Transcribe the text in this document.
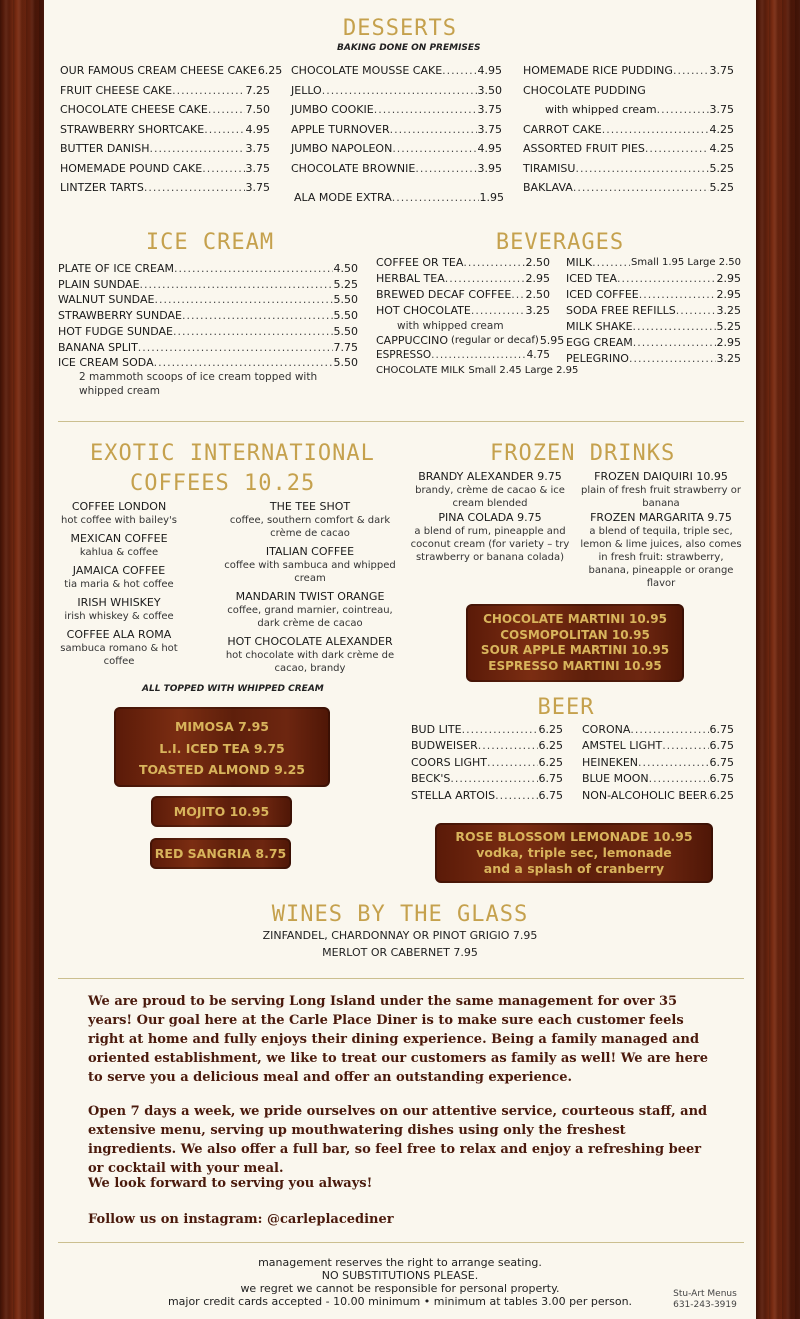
DESSERTS
BAKING DONE ON PREMISES
OUR FAMOUS CREAM CHEESE CAKE 6.25
FRUIT CHEESE CAKE .....	7.25
CHOCOLATE CHEESE CAKE .....	7.50
STRAWBERRY SHORTCAKE .....	4.95
BUTTER DANISH .....	3.75
HOMEMADE POUND CAKE .....	3.75
LINTZER TARTS .....	3.75
CHOCOLATE MOUSSE CAKE .....	4.95
JELLO .....	3.50
JUMBO COOKIE .....	3.75
APPLE TURNOVER .....	3.75
JUMBO NAPOLEON .....	4.95
CHOCOLATE BROWNIE .....	3.95
HOMEMADE RICE PUDDING .....	3.75
CHOCOLATE PUDDING
with whipped cream .....	3.75
CARROT CAKE .....	4.25
ASSORTED FRUIT PIES .....	4.25
TIRAMISU .....	5.25
BAKLAVA .....	5.25
ALA MODE EXTRA .....	1.95
ICE CREAM
PLATE OF ICE CREAM .....	4.50
PLAIN SUNDAE .....	5.25
WALNUT SUNDAE .....	5.50
STRAWBERRY SUNDAE .....	5.50
HOT FUDGE SUNDAE .....	5.50
BANANA SPLIT .....	7.75
ICE CREAM SODA .....	5.50
2 mammoth scoops of ice cream topped with whipped cream
BEVERAGES
COFFEE OR TEA .....	2.50
HERBAL TEA .....	2.95
BREWED DECAF COFFEE ..... 2.50
HOT CHOCOLATE .....	3.25
with whipped cream
CAPPUCCINO (regular or decaf) 5.95
ESPRESSO .....	4.75
CHOCOLATE MILK Small 2.45 Large 2.95
MILK .....	Small 1.95 Large 2.50
ICED TEA .....	2.95
ICED COFFEE .....	2.95
SODA FREE REFILLS .....	3.25
MILK SHAKE .....	5.25
EGG CREAM .....	2.95
PELEGRINO .....	3.25
EXOTIC INTERNATIONAL
COFFEES 10.25
COFFEE LONDON
hot coffee with bailey's
MEXICAN COFFEE
kahlua & coffee
JAMAICA COFFEE
tia maria & hot coffee
IRISH WHISKEY
irish whiskey & coffee
COFFEE ALA ROMA
sambuca romano & hot coffee
THE TEE SHOT
coffee, southern comfort & dark crème de cacao
ITALIAN COFFEE
coffee with sambuca and whipped cream
MANDARIN TWIST ORANGE
coffee, grand marnier, cointreau, dark crème de cacao
HOT CHOCOLATE ALEXANDER
hot chocolate with dark crème de cacao, brandy
ALL TOPPED WITH WHIPPED CREAM
FROZEN DRINKS
BRANDY ALEXANDER 9.75
brandy, crème de cacao & ice cream blended
PINA COLADA 9.75
a blend of rum, pineapple and coconut cream (for variety – try strawberry or banana colada)
FROZEN DAIQUIRI 10.95
plain of fresh fruit strawberry or banana
FROZEN MARGARITA 9.75
a blend of tequila, triple sec, lemon & lime juices, also comes in fresh fruit: strawberry, banana, pineapple or orange flavor
CHOCOLATE MARTINI 10.95
COSMOPOLITAN 10.95
SOUR APPLE MARTINI 10.95
ESPRESSO MARTINI 10.95
MIMOSA 7.95
L.I. ICED TEA 9.75
TOASTED ALMOND 9.25
MOJITO 10.95
RED SANGRIA 8.75
BEER
BUD LITE .....	6.25
BUDWEISER .....	6.25
COORS LIGHT .....	6.25
BECK'S .....	6.75
STELLA ARTOIS .....	6.75
CORONA .....	6.75
AMSTEL LIGHT .....	6.75
HEINEKEN .....	6.75
BLUE MOON .....	6.75
NON-ALCOHOLIC BEER ..... 6.25
ROSE BLOSSOM LEMONADE 10.95
vodka, triple sec, lemonade
and a splash of cranberry
WINES BY THE GLASS
ZINFANDEL, CHARDONNAY OR PINOT GRIGIO 7.95
MERLOT OR CABERNET 7.95
We are proud to be serving Long Island under the same management for over 35 years! Our goal here at the Carle Place Diner is to make sure each customer feels right at home and fully enjoys their dining experience. Being a family managed and oriented establishment, we like to treat our customers as family as well! We are here to serve you a delicious meal and offer an outstanding experience.
Open 7 days a week, we pride ourselves on our attentive service, courteous staff, and extensive menu, serving up mouthwatering dishes using only the freshest ingredients. We also offer a full bar, so feel free to relax and enjoy a refreshing beer or cocktail with your meal.
We look forward to serving you always!
Follow us on instagram: @carleplacediner
management reserves the right to arrange seating.
NO SUBSTITUTIONS PLEASE.
we regret we cannot be responsible for personal property.
major credit cards accepted - 10.00 minimum • minimum at tables 3.00 per person.
Stu-Art Menus
631-243-3919
